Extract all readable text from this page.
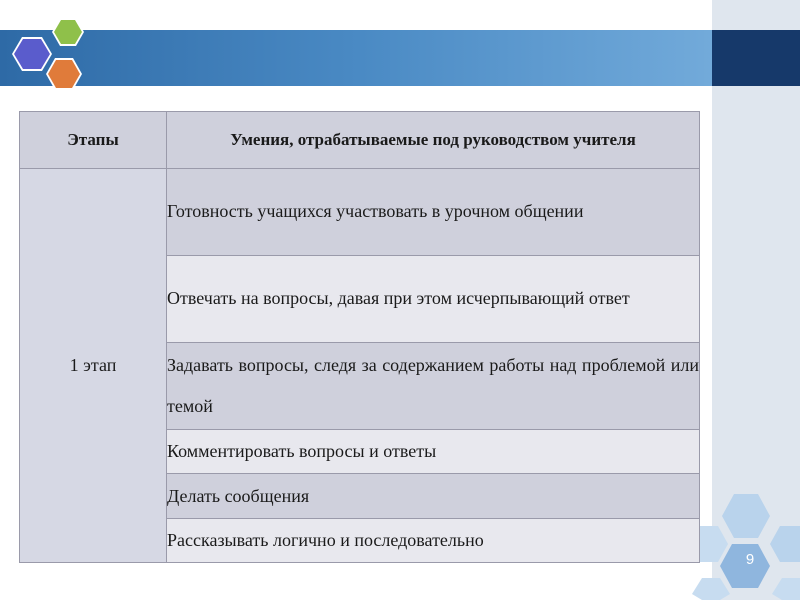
9
Этапы	Умения, отрабатываемые под руководством учителя
1 этап	Готовность учащихся участвовать в урочном общении
	Отвечать на вопросы, давая при этом исчерпывающий ответ
	Задавать вопросы, следя за содержанием работы над проблемой или темой
	Комментировать вопросы и ответы
	Делать сообщения
	Рассказывать логично и последовательно
